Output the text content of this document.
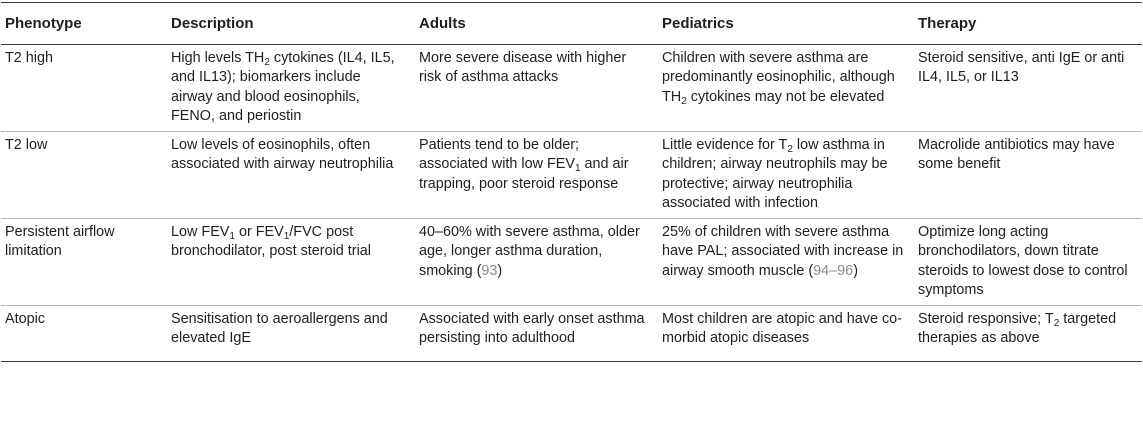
Phenotype	Description	Adults	Pediatrics	Therapy
T2 high	High levels $TH_2$ cytokines (IL4, IL5, and IL13); biomarkers include airway and blood eosinophils, FENO, and periostin	More severe disease with higher risk of asthma attacks	Children with severe asthma are predominantly eosinophilic, although $TH_2$ cytokines may not be elevated	Steroid sensitive, anti IgE or anti IL4, IL5, or IL13
T2 low	Low levels of eosinophils, often associated with airway neutrophilia	Patients tend to be older; associated with low $FEV_1$ and air trapping, poor steroid response	Little evidence for $T_2$ low asthma in children; airway neutrophils may be protective; airway neutrophilia associated with infection	Macrolide antibiotics may have some benefit
Persistent airflow limitation	Low $FEV_1$ or $FEV_1$/FVC post bronchodilator, post steroid trial	40–60% with severe asthma, older age, longer asthma duration, smoking (93)	25% of children with severe asthma have PAL; associated with increase in airway smooth muscle (94–96)	Optimize long acting bronchodilators, down titrate steroids to lowest dose to control symptoms
Atopic	Sensitisation to aeroallergens and elevated IgE	Associated with early onset asthma persisting into adulthood	Most children are atopic and have co-morbid atopic diseases	Steroid responsive; $T_2$ targeted therapies as above
